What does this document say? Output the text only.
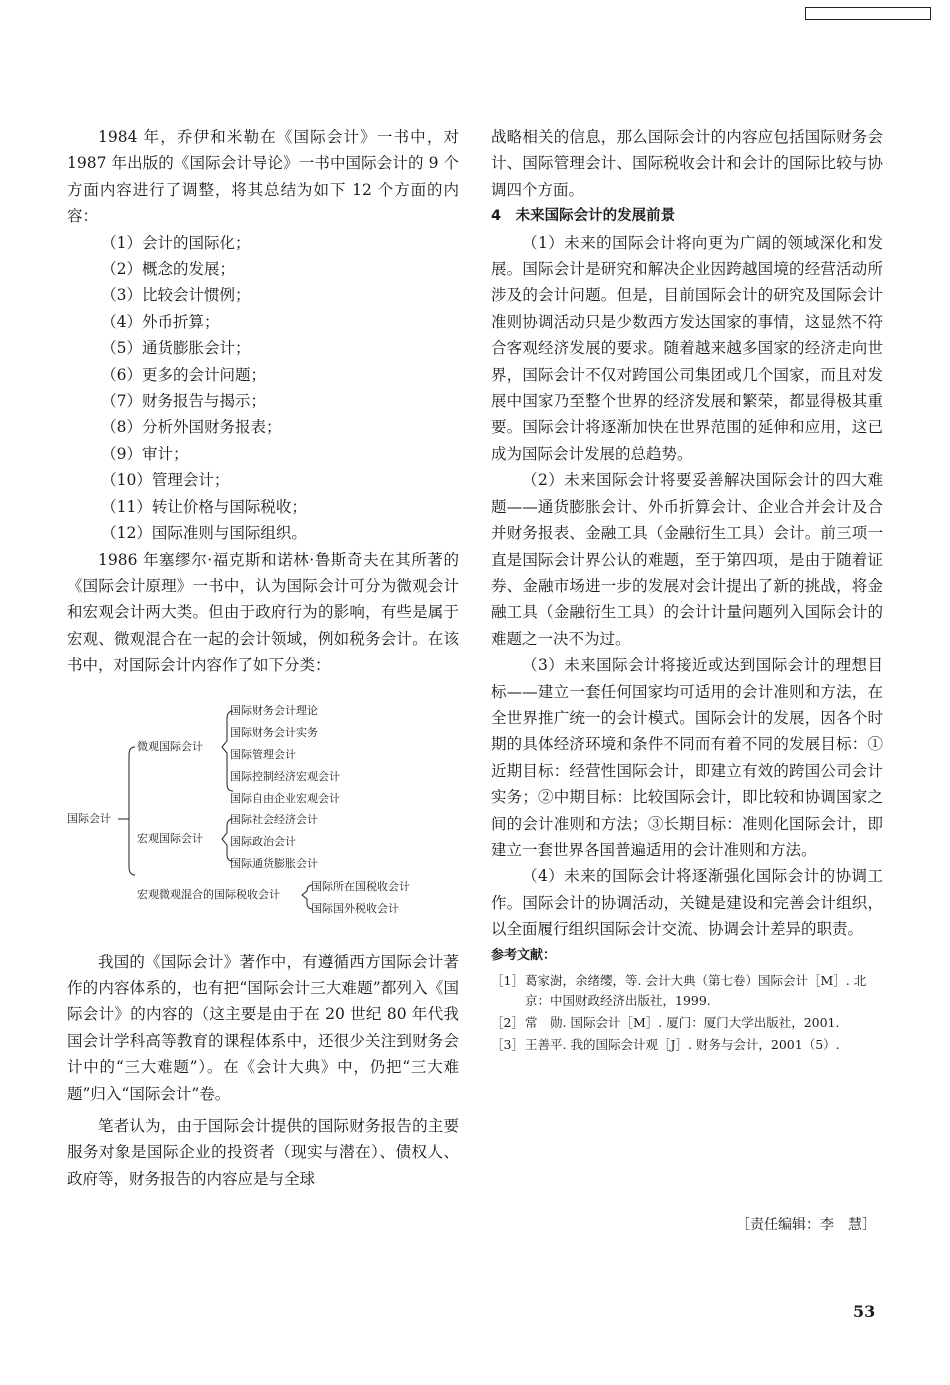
1984 年，乔伊和米勒在《国际会计》一书中，对 1987 年出版的《国际会计导论》一书中国际会计的 9 个方面内容进行了调整，将其总结为如下 12 个方面的内容：

（1）会计的国际化；

（2）概念的发展；

（3）比较会计惯例；

（4）外币折算；

（5）通货膨胀会计；

（6）更多的会计问题；

（7）财务报告与揭示；

（8）分析外国财务报表；

（9）审计；

（10）管理会计；

（11）转让价格与国际税收；

（12）国际准则与国际组织。

1986 年塞缪尔·福克斯和诺林·鲁斯奇夫在其所著的《国际会计原理》一书中，认为国际会计可分为微观会计和宏观会计两大类。但由于政府行为的影响，有些是属于宏观、微观混合在一起的会计领域，例如税务会计。在该书中，对国际会计内容作了如下分类：

国际会计
微观国际会计
宏观国际会计
宏观微观混合的国际税收会计
国际财务会计理论
国际财务会计实务
国际管理会计
国际控制经济宏观会计
国际自由企业宏观会计
国际社会经济会计
国际政治会计
国际通货膨胀会计
国际所在国税收会计
国际国外税收会计

我国的《国际会计》著作中，有遵循西方国际会计著作的内容体系的，也有把“国际会计三大难题”都列入《国际会计》的内容的（这主要是由于在 20 世纪 80 年代我国会计学科高等教育的课程体系中，还很少关注到财务会计中的“三大难题”）。在《会计大典》中，仍把“三大难题”归入“国际会计”卷。

笔者认为，由于国际会计提供的国际财务报告的主要服务对象是国际企业的投资者（现实与潜在）、债权人、政府等，财务报告的内容应是与全球

战略相关的信息，那么国际会计的内容应包括国际财务会计、国际管理会计、国际税收会计和会计的国际比较与协调四个方面。

4　未来国际会计的发展前景

（1）未来的国际会计将向更为广阔的领域深化和发展。国际会计是研究和解决企业因跨越国境的经营活动所涉及的会计问题。但是，目前国际会计的研究及国际会计准则协调活动只是少数西方发达国家的事情，这显然不符合客观经济发展的要求。随着越来越多国家的经济走向世界，国际会计不仅对跨国公司集团或几个国家，而且对发展中国家乃至整个世界的经济发展和繁荣，都显得极其重要。国际会计将逐渐加快在世界范围的延伸和应用，这已成为国际会计发展的总趋势。

（2）未来国际会计将要妥善解决国际会计的四大难题——通货膨胀会计、外币折算会计、企业合并会计及合并财务报表、金融工具（金融衍生工具）会计。前三项一直是国际会计界公认的难题，至于第四项，是由于随着证券、金融市场进一步的发展对会计提出了新的挑战，将金融工具（金融衍生工具）的会计计量问题列入国际会计的难题之一决不为过。

（3）未来国际会计将接近或达到国际会计的理想目标——建立一套任何国家均可适用的会计准则和方法，在全世界推广统一的会计模式。国际会计的发展，因各个时期的具体经济环境和条件不同而有着不同的发展目标：①近期目标：经营性国际会计，即建立有效的跨国公司会计实务；②中期目标：比较国际会计，即比较和协调国家之间的会计准则和方法；③长期目标：准则化国际会计，即建立一套世界各国普遍适用的会计准则和方法。

（4）未来的国际会计将逐渐强化国际会计的协调工作。国际会计的协调活动，关键是建设和完善会计组织，以全面履行组织国际会计交流、协调会计差异的职责。

参考文献：

［1］ 葛家澍，余绪缨，等. 会计大典（第七卷）国际会计［M］. 北京：中国财政经济出版社，1999.
［2］ 常　勋. 国际会计［M］. 厦门：厦门大学出版社，2001.
［3］ 王善平. 我的国际会计观［J］. 财务与会计，2001（5）.
［责任编辑：李　慧］
53
